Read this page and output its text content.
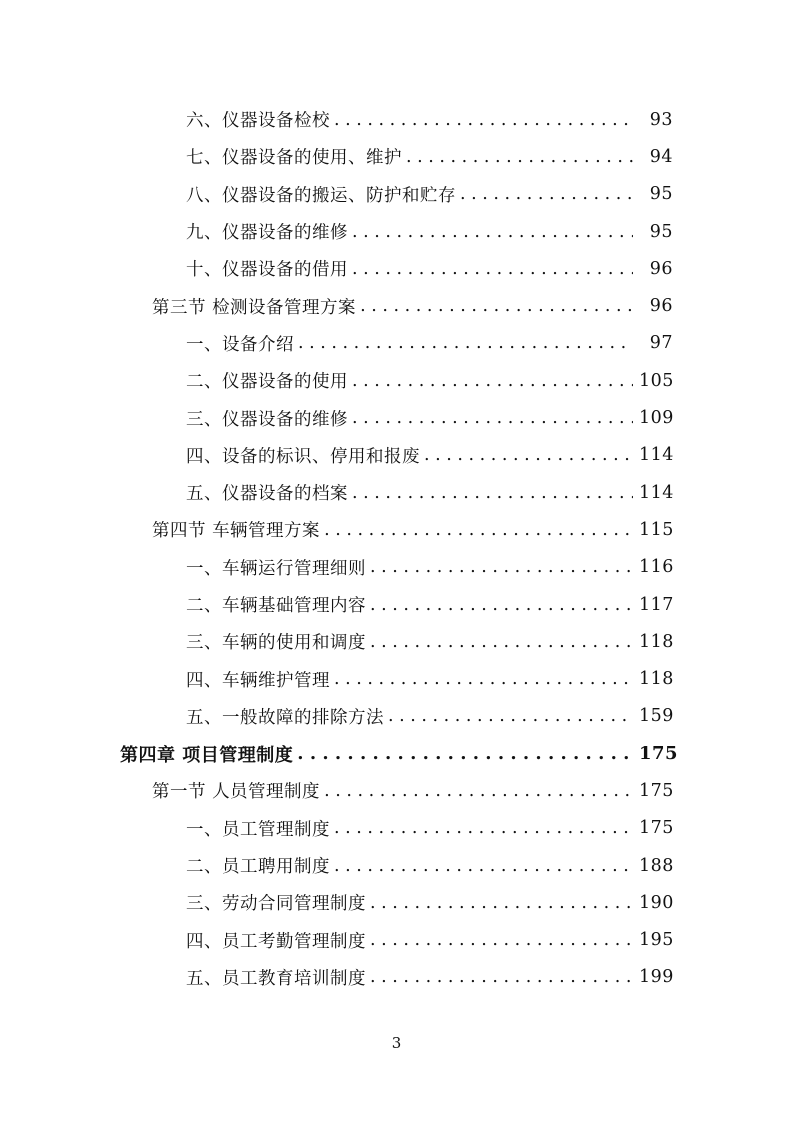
六、仪器设备检校 . . .	93
七、仪器设备的使用、维护 . . .	94
八、仪器设备的搬运、防护和贮存 . . .	95
九、仪器设备的维修 . . .	95
十、仪器设备的借用 . . .	96
第三节 检测设备管理方案 . . .	96
一、设备介绍 . . .	97
二、仪器设备的使用 . . .	105
三、仪器设备的维修 . . .	109
四、设备的标识、停用和报废 . . .	114
五、仪器设备的档案 . . .	114
第四节 车辆管理方案 . . .	115
一、车辆运行管理细则 . . .	116
二、车辆基础管理内容 . . .	117
三、车辆的使用和调度 . . .	118
四、车辆维护管理 . . .	118
五、一般故障的排除方法 . . .	159
第四章 项目管理制度 . . .	175
第一节 人员管理制度 . . .	175
一、员工管理制度 . . .	175
二、员工聘用制度 . . .	188
三、劳动合同管理制度 . . .	190
四、员工考勤管理制度 . . .	195
五、员工教育培训制度 . . .	199
3
